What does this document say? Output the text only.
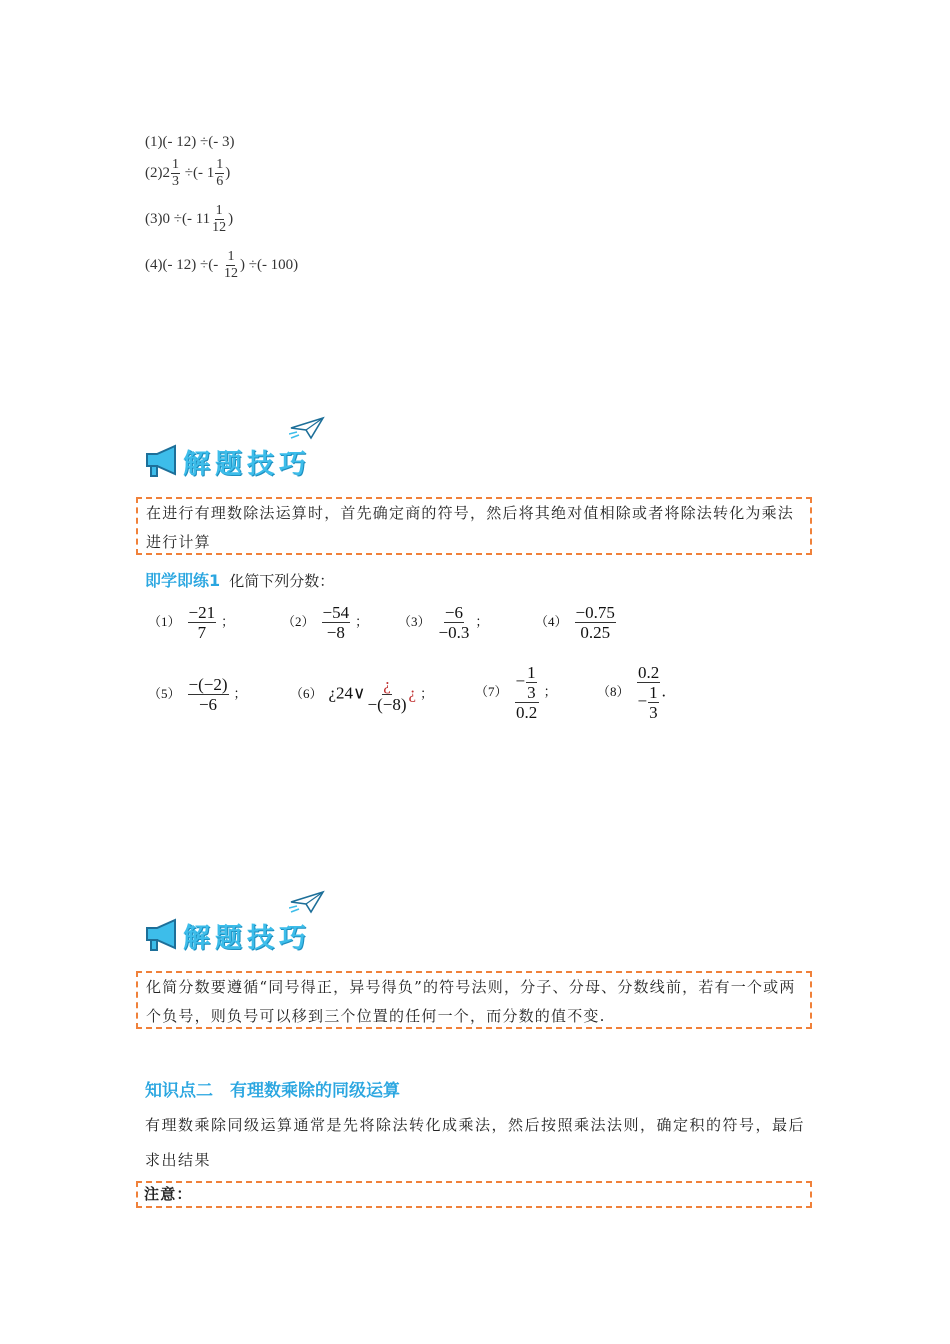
(1)(- 12) ÷(- 3)
$(2)2 \frac{1}{3}$ ÷(- $1 \frac{1}{6}$ )
(3)0 ÷(- $11 \frac{1}{12}$ )
(4)(- 12) ÷(- $\frac{1}{12}$ ) ÷(- 100)
解题技巧
在进行有理数除法运算时，首先确定商的符号，然后将其绝对值相除或者将除法转化为乘法进行计算
即学即练1 化简下列分数：
$(1) \frac{-21}{7}$ ；	$(2) \frac{-54}{-8}$ ； $(3) \frac{-6}{-0.3}$ ；	$(4) \frac{-0.75}{0.25}$
$(5) \frac{-(-2)}{-6}$ ；	（6） ¿24∨ $\frac{¿}{-(-8)}$ ¿ ；	$(7) \frac{- \frac{1}{3}}{0.2}$ ；	$(8) \frac{0.2}{- \frac{1}{3}}$ .
解题技巧
化简分数要遵循“同号得正，异号得负”的符号法则，分子、分母、分数线前，若有一个或两个负号，则负号可以移到三个位置的任何一个，而分数的值不变.
知识点二　有理数乘除的同级运算
有理数乘除同级运算通常是先将除法转化成乘法，然后按照乘法法则，确定积的符号，最后求出结果
注意：
